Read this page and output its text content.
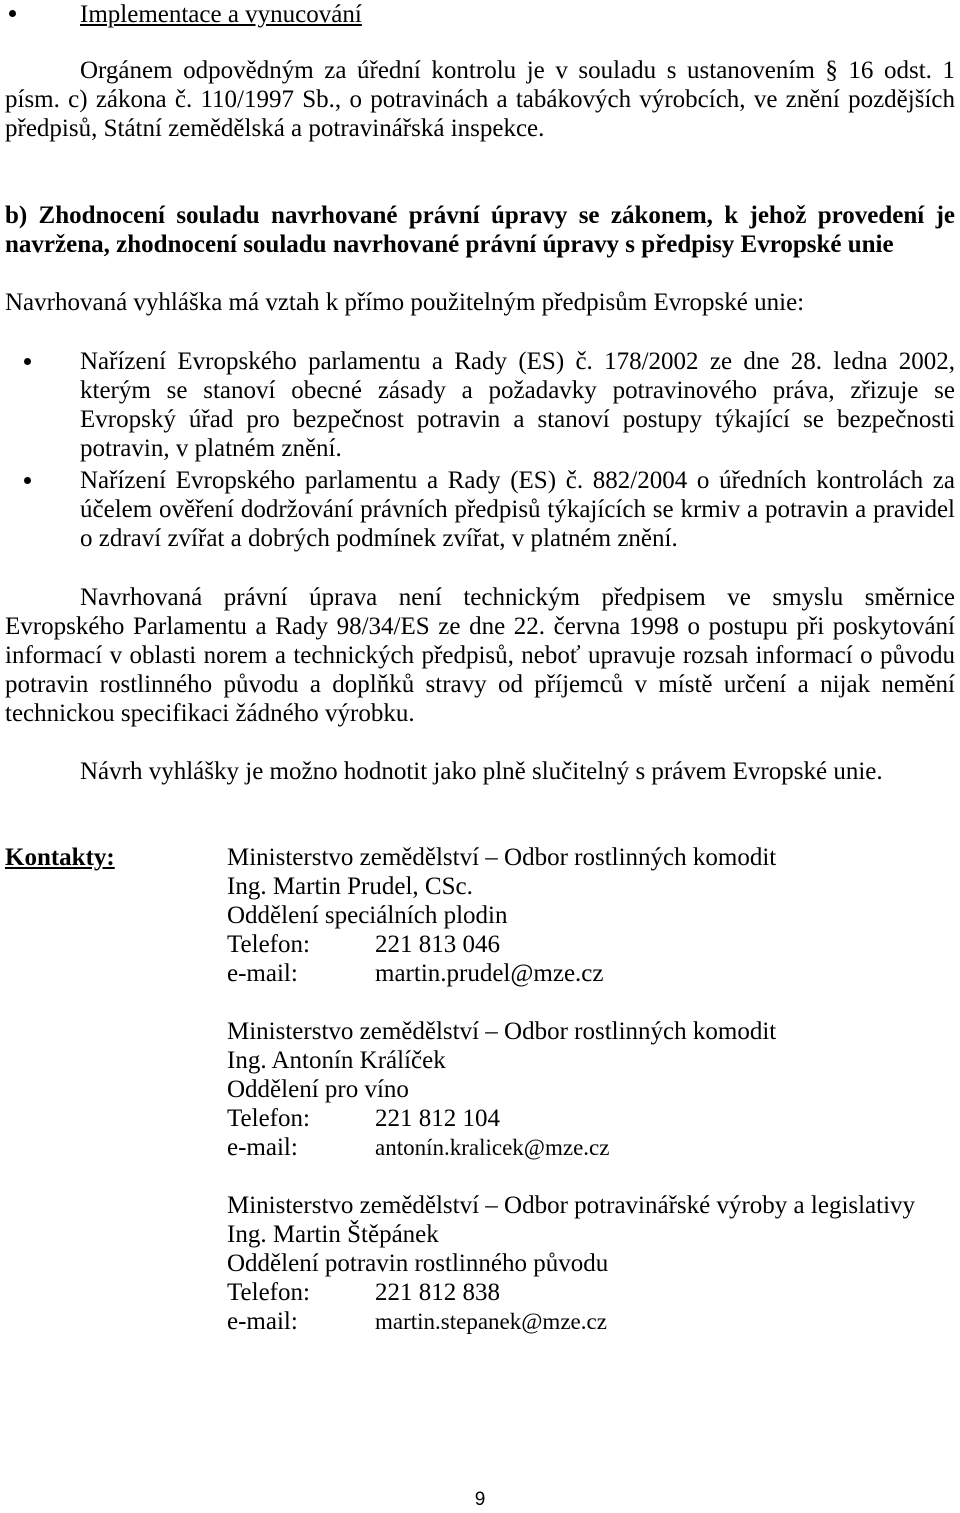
Implementace a vynucování
Orgánem odpovědným za úřední kontrolu je v souladu s ustanovením § 16 odst. 1 písm. c) zákona č. 110/1997 Sb., o potravinách a tabákových výrobcích, ve znění pozdějších předpisů, Státní zemědělská a potravinářská inspekce.
b) Zhodnocení souladu navrhované právní úpravy se zákonem, k jehož provedení je navržena, zhodnocení souladu navrhované právní úpravy s předpisy Evropské unie
Navrhovaná vyhláška má vztah k přímo použitelným předpisům Evropské unie:
Nařízení Evropského parlamentu a Rady (ES) č. 178/2002 ze dne 28. ledna 2002, kterým se stanoví obecné zásady a požadavky potravinového práva, zřizuje se Evropský úřad pro bezpečnost potravin a stanoví postupy týkající se bezpečnosti potravin, v platném znění.
Nařízení Evropského parlamentu a Rady (ES) č. 882/2004 o úředních kontrolách za účelem ověření dodržování právních předpisů týkajících se krmiv a potravin a pravidel o zdraví zvířat a dobrých podmínek zvířat, v platném znění.
Navrhovaná právní úprava není technickým předpisem ve smyslu směrnice Evropského Parlamentu a Rady 98/34/ES ze dne 22. června 1998 o postupu při poskytování informací v oblasti norem a technických předpisů, neboť upravuje rozsah informací o původu potravin rostlinného původu a doplňků stravy od příjemců v místě určení a nijak nemění technickou specifikaci žádného výrobku.
Návrh vyhlášky je možno hodnotit jako plně slučitelný s právem Evropské unie.
Kontakty:	Ministerstvo zemědělství – Odbor rostlinných komodit
Ing. Martin Prudel, CSc.
Oddělení speciálních plodin
Telefon:	221 813 046
e-mail:	martin.prudel@mze.cz
Ministerstvo zemědělství – Odbor rostlinných komodit
Ing. Antonín Králíček
Oddělení pro víno
Telefon:	221 812 104
e-mail:	antonín.kralicek@mze.cz
Ministerstvo zemědělství – Odbor potravinářské výroby a legislativy
Ing. Martin Štěpánek
Oddělení potravin rostlinného původu
Telefon:	221 812 838
e-mail:	martin.stepanek@mze.cz
9
